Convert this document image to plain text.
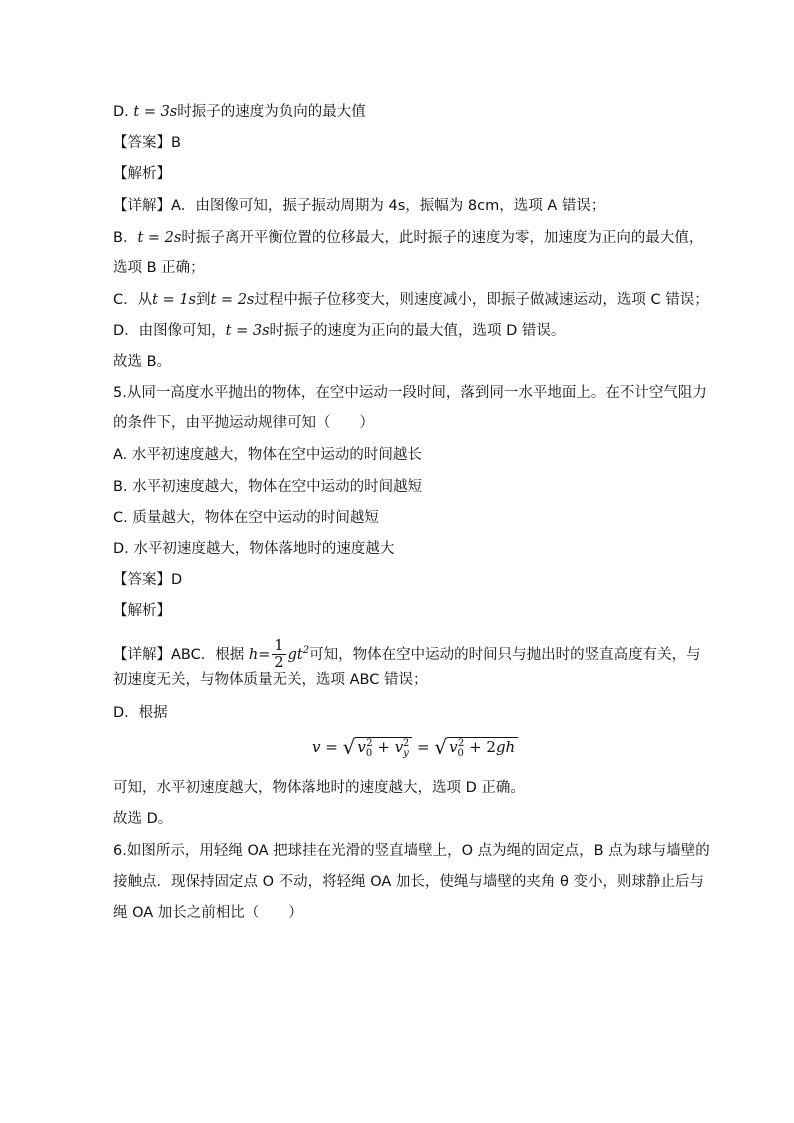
D. t = 3s时振子的速度为负向的最大值
【答案】B
【解析】
【详解】A．由图像可知，振子振动周期为 4s，振幅为 8cm，选项 A 错误；
B．t = 2s时振子离开平衡位置的位移最大，此时振子的速度为零，加速度为正向的最大值，
选项 B 正确；
C．从t = 1s到t = 2s过程中振子位移变大，则速度减小，即振子做减速运动，选项 C 错误；
D．由图像可知，t = 3s时振子的速度为正向的最大值，选项 D 错误。
故选 B。
5.从同一高度水平抛出的物体，在空中运动一段时间，落到同一水平地面上。在不计空气阻力
的条件下，由平抛运动规律可知（　　）
A. 水平初速度越大，物体在空中运动的时间越长
B. 水平初速度越大，物体在空中运动的时间越短
C. 质量越大，物体在空中运动的时间越短
D. 水平初速度越大，物体落地时的速度越大
【答案】D
【解析】
【详解】ABC．根据 $h= \frac{1}{2} gt^2$可知，物体在空中运动的时间只与抛出时的竖直高度有关，与
初速度无关，与物体质量无关，选项 ABC 错误；
D．根据
v = √ $v_0^2 + v_y^2$ = √ $v_0^2 + 2gh$
可知，水平初速度越大，物体落地时的速度越大，选项 D 正确。
故选 D。
6.如图所示，用轻绳 OA 把球挂在光滑的竖直墙壁上，O 点为绳的固定点，B 点为球与墙壁的
接触点．现保持固定点 O 不动，将轻绳 OA 加长，使绳与墙壁的夹角 θ 变小，则球静止后与
绳 OA 加长之前相比（　　）
